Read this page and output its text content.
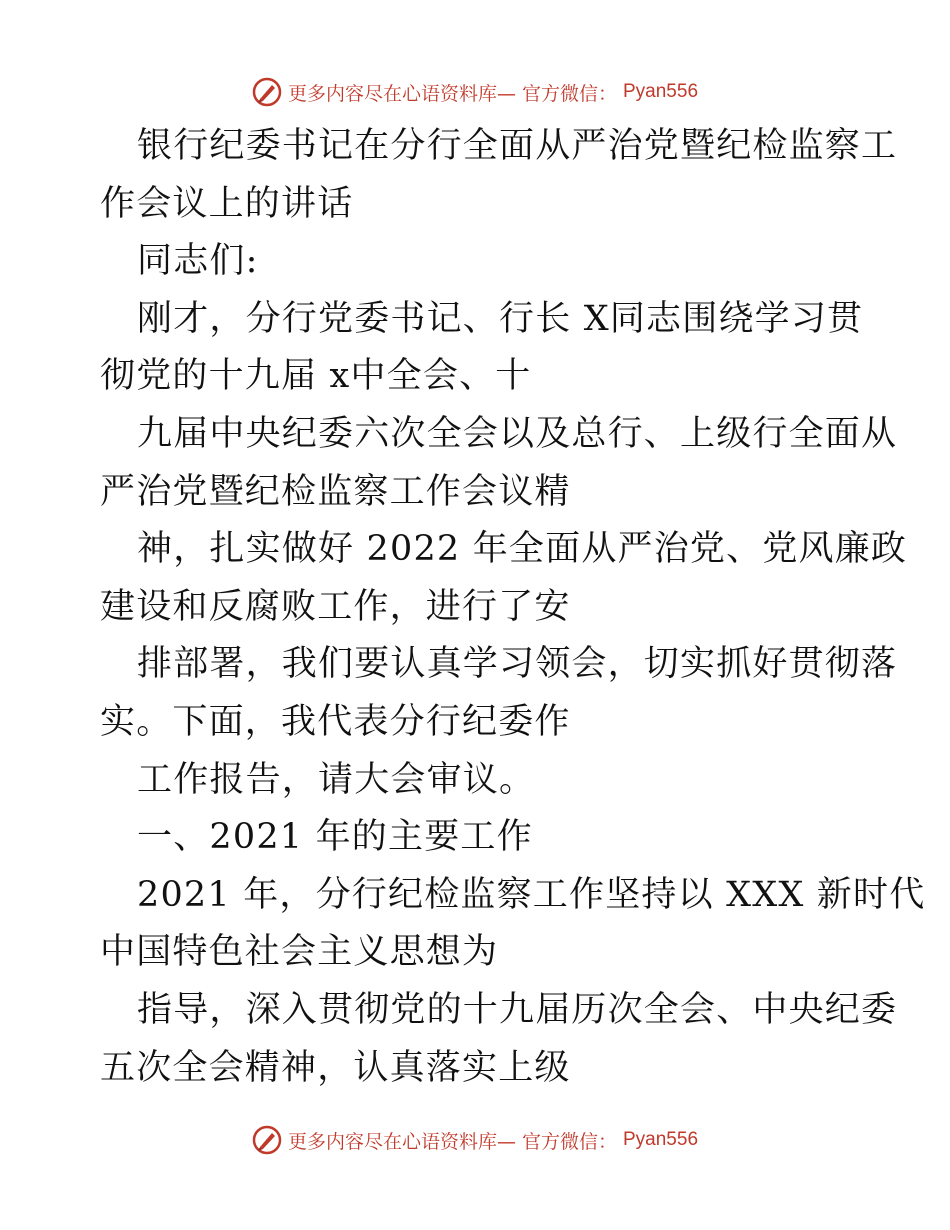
更多内容尽在心语资料库— 官方微信： Pyan556
银行纪委书记在分行全面从严治党暨纪检监察工
作会议上的讲话
同志们:
刚才，分行党委书记、行长 X同志围绕学习贯
彻党的十九届 x中全会、十
九届中央纪委六次全会以及总行、上级行全面从
严治党暨纪检监察工作会议精
神，扎实做好 2022 年全面从严治党、党风廉政
建设和反腐败工作，进行了安
排部署，我们要认真学习领会，切实抓好贯彻落
实。下面，我代表分行纪委作
工作报告，请大会审议。
一、2021 年的主要工作
2021 年，分行纪检监察工作坚持以 XXX 新时代
中国特色社会主义思想为
指导，深入贯彻党的十九届历次全会、中央纪委
五次全会精神，认真落实上级
更多内容尽在心语资料库— 官方微信： Pyan556
